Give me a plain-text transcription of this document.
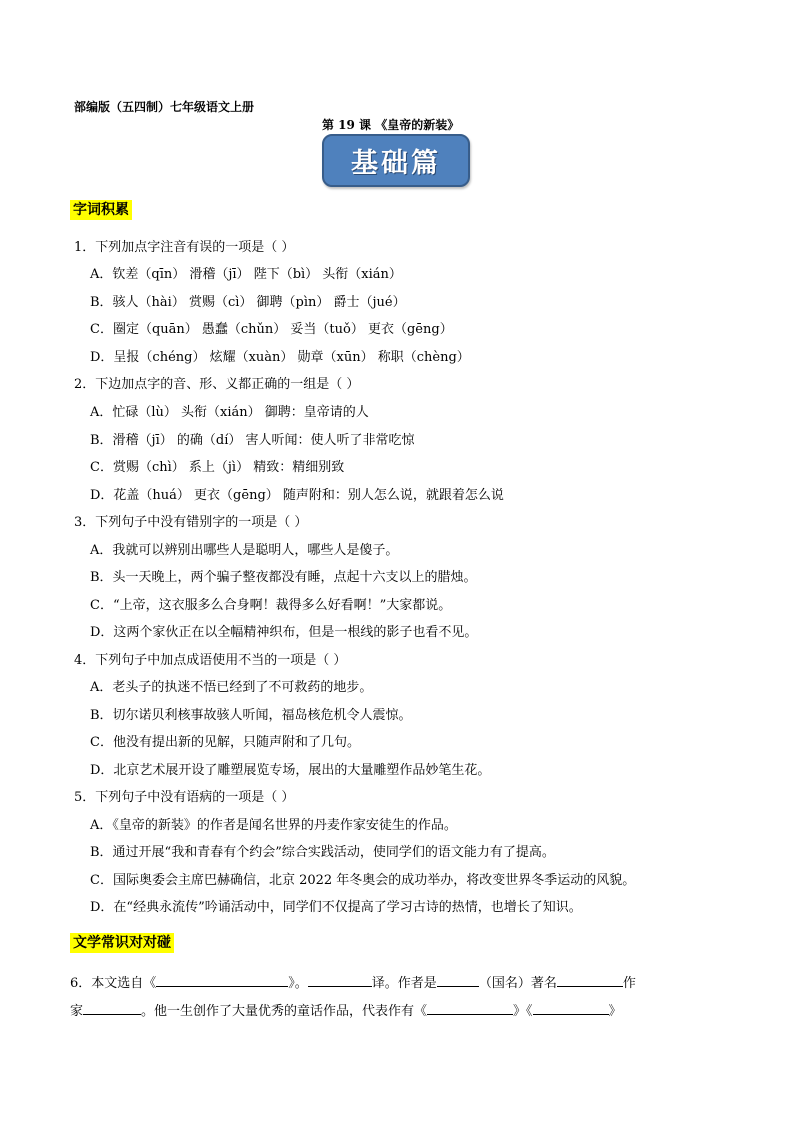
部编版（五四制）七年级语文上册
第 19 课 《皇帝的新装》
基础篇
字词积累
1．下列加点字注音有误的一项是（ ）
A．钦差（qīn） 滑稽（jī） 陛下（bì） 头衔（xián）
B．骇人（hài） 赏赐（cì） 御聘（pìn） 爵士（jué）
C．圈定（quān） 愚蠢（chǔn） 妥当（tuǒ） 更衣（gēng）
D．呈报（chéng） 炫耀（xuàn） 勋章（xūn） 称职（chèng）
2．下边加点字的音、形、义都正确的一组是（ ）
A．忙碌（lù） 头衔（xián） 御聘：皇帝请的人
B．滑稽（jī） 的确（dí） 害人听闻：使人听了非常吃惊
C．赏赐（chì） 系上（jì） 精致：精细别致
D．花盖（huá） 更衣（gēng） 随声附和：别人怎么说，就跟着怎么说
3．下列句子中没有错别字的一项是（ ）
A．我就可以辨别出哪些人是聪明人，哪些人是傻子。
B．头一天晚上，两个骗子整夜都没有睡，点起十六支以上的腊烛。
C．“上帝，这衣服多么合身啊！裁得多么好看啊！”大家都说。
D．这两个家伙正在以全幅精神织布，但是一根线的影子也看不见。
4．下列句子中加点成语使用不当的一项是（ ）
A．老头子的执迷不悟已经到了不可救药的地步。
B．切尔诺贝利核事故骇人听闻，福岛核危机令人震惊。
C．他没有提出新的见解，只随声附和了几句。
D．北京艺术展开设了雕塑展览专场，展出的大量雕塑作品妙笔生花。
5．下列句子中没有语病的一项是（ ）
A．《皇帝的新装》的作者是闻名世界的丹麦作家安徒生的作品。
B．通过开展“我和青春有个约会”综合实践活动，使同学们的语文能力有了提高。
C．国际奥委会主席巴赫确信，北京 2022 年冬奥会的成功举办，将改变世界冬季运动的风貌。
D．在“经典永流传”吟诵活动中，同学们不仅提高了学习古诗的热情，也增长了知识。
文学常识对对碰
6．本文选自《	》。	译。作者是	（国名）著名	作
家	。他一生创作了大量优秀的童话作品，代表作有《	》《	》
